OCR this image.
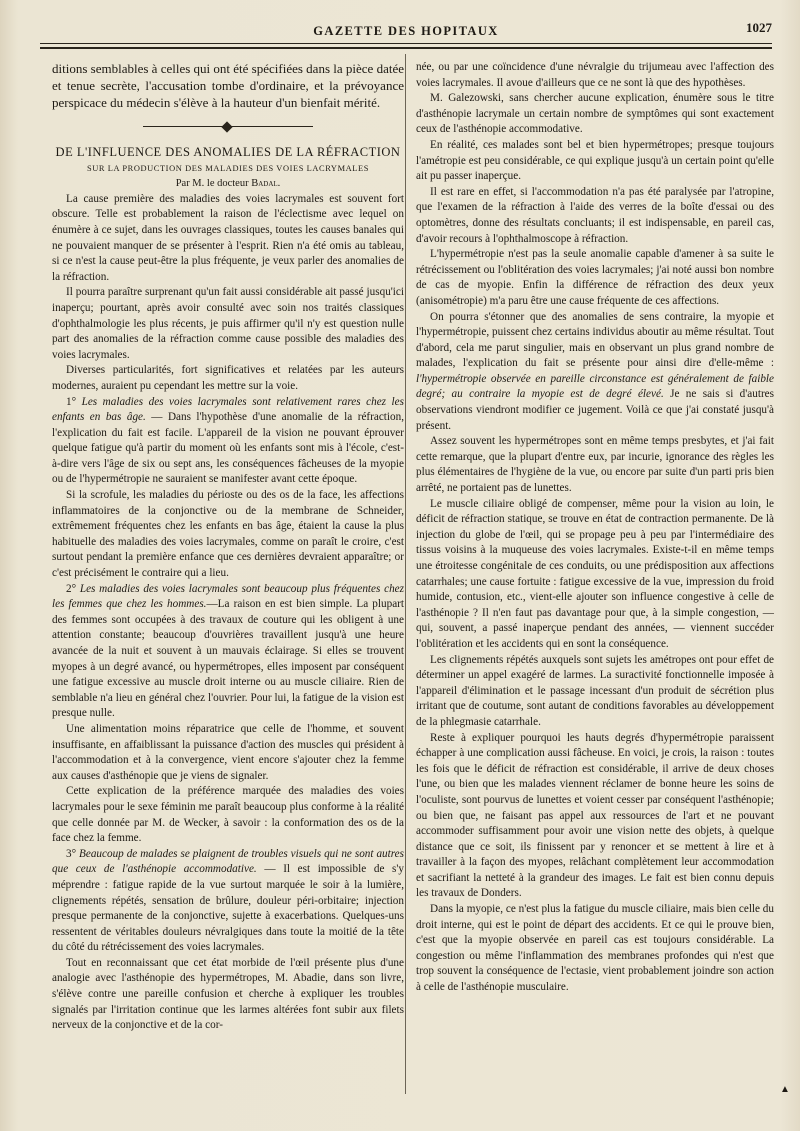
GAZETTE DES HOPITAUX	1027

ditions semblables à celles qui ont été spécifiées dans la pièce datée et tenue secrète, l'accusation tombe d'ordinaire, et la prévoyance perspicace du médecin s'élève à la hauteur d'un bienfait mérité.

DE L'INFLUENCE DES ANOMALIES DE LA RÉFRACTION

SUR LA PRODUCTION DES MALADIES DES VOIES LACRYMALES

Par M. le docteur Badal.

La cause première des maladies des voies lacrymales est souvent fort obscure. Telle est probablement la raison de l'éclectisme avec lequel on énumère à ce sujet, dans les ouvrages classiques, toutes les causes banales qui ne pouvaient manquer de se présenter à l'esprit. Rien n'a été omis au tableau, si ce n'est la cause peut-être la plus fréquente, je veux parler des anomalies de la réfraction.

Il pourra paraître surprenant qu'un fait aussi considérable ait passé jusqu'ici inaperçu; pourtant, après avoir consulté avec soin nos traités classiques d'ophthalmologie les plus récents, je puis affirmer qu'il n'y est question nulle part des anomalies de la réfraction comme cause possible des maladies des voies lacrymales.

Diverses particularités, fort significatives et relatées par les auteurs modernes, auraient pu cependant les mettre sur la voie.

1° Les maladies des voies lacrymales sont relativement rares chez les enfants en bas âge. — Dans l'hypothèse d'une anomalie de la réfraction, l'explication du fait est facile. L'appareil de la vision ne pouvant éprouver quelque fatigue qu'à partir du moment où les enfants sont mis à l'école, c'est-à-dire vers l'âge de six ou sept ans, les conséquences fâcheuses de la myopie ou de l'hypermétropie ne sauraient se manifester avant cette époque.

Si la scrofule, les maladies du périoste ou des os de la face, les affections inflammatoires de la conjonctive ou de la membrane de Schneider, extrêmement fréquentes chez les enfants en bas âge, étaient la cause la plus habituelle des maladies des voies lacrymales, comme on paraît le croire, c'est surtout pendant la première enfance que ces dernières devraient apparaître; or c'est précisément le contraire qui a lieu.

2° Les maladies des voies lacrymales sont beaucoup plus fréquentes chez les femmes que chez les hommes.—La raison en est bien simple. La plupart des femmes sont occupées à des travaux de couture qui les obligent à une attention constante; beaucoup d'ouvrières travaillent jusqu'à une heure avancée de la nuit et souvent à un mauvais éclairage. Si elles se trouvent myopes à un degré avancé, ou hypermétropes, elles imposent par conséquent une fatigue excessive au muscle droit interne ou au muscle ciliaire. Rien de semblable n'a lieu en général chez l'ouvrier. Pour lui, la fatigue de la vision est presque nulle.

Une alimentation moins réparatrice que celle de l'homme, et souvent insuffisante, en affaiblissant la puissance d'action des muscles qui président à l'accommodation et à la convergence, vient encore s'ajouter chez la femme aux causes d'asthénopie que je viens de signaler.

Cette explication de la préférence marquée des maladies des voies lacrymales pour le sexe féminin me paraît beaucoup plus conforme à la réalité que celle donnée par M. de Wecker, à savoir : la conformation des os de la face chez la femme.

3° Beaucoup de malades se plaignent de troubles visuels qui ne sont autres que ceux de l'asthénopie accommodative. — Il est impossible de s'y méprendre : fatigue rapide de la vue surtout marquée le soir à la lumière, clignements répétés, sensation de brûlure, douleur péri-orbitaire; injection presque permanente de la conjonctive, sujette à exacerbations. Quelques-uns ressentent de véritables douleurs névralgiques dans toute la moitié de la tête du côté du rétrécissement des voies lacrymales.

Tout en reconnaissant que cet état morbide de l'œil présente plus d'une analogie avec l'asthénopie des hypermétropes, M. Abadie, dans son livre, s'élève contre une pareille confusion et cherche à expliquer les troubles signalés par l'irritation continue que les larmes altérées font subir aux filets nerveux de la conjonctive et de la cor-

née, ou par une coïncidence d'une névralgie du trijumeau avec l'affection des voies lacrymales. Il avoue d'ailleurs que ce ne sont là que des hypothèses.

M. Galezowski, sans chercher aucune explication, énumère sous le titre d'asthénopie lacrymale un certain nombre de symptômes qui sont exactement ceux de l'asthénopie accommodative.

En réalité, ces malades sont bel et bien hypermétropes; presque toujours l'amétropie est peu considérable, ce qui explique jusqu'à un certain point qu'elle ait pu passer inaperçue.

Il est rare en effet, si l'accommodation n'a pas été paralysée par l'atropine, que l'examen de la réfraction à l'aide des verres de la boîte d'essai ou des optomètres, donne des résultats concluants; il est indispensable, en pareil cas, d'avoir recours à l'ophthalmoscope à réfraction.

L'hypermétropie n'est pas la seule anomalie capable d'amener à sa suite le rétrécissement ou l'oblitération des voies lacrymales; j'ai noté aussi bon nombre de cas de myopie. Enfin la différence de réfraction des deux yeux (anisométropie) m'a paru être une cause fréquente de ces affections.

On pourra s'étonner que des anomalies de sens contraire, la myopie et l'hypermétropie, puissent chez certains individus aboutir au même résultat. Tout d'abord, cela me parut singulier, mais en observant un plus grand nombre de malades, l'explication du fait se présente pour ainsi dire d'elle-même : l'hypermétropie observée en pareille circonstance est généralement de faible degré; au contraire la myopie est de degré élevé. Je ne sais si d'autres observations viendront modifier ce jugement. Voilà ce que j'ai constaté jusqu'à présent.

Assez souvent les hypermétropes sont en même temps presbytes, et j'ai fait cette remarque, que la plupart d'entre eux, par incurie, ignorance des règles les plus élémentaires de l'hygiène de la vue, ou encore par suite d'un parti pris bien arrêté, ne portaient pas de lunettes.

Le muscle ciliaire obligé de compenser, même pour la vision au loin, le déficit de réfraction statique, se trouve en état de contraction permanente. De là injection du globe de l'œil, qui se propage peu à peu par l'intermédiaire des tissus voisins à la muqueuse des voies lacrymales. Existe-t-il en même temps une étroitesse congénitale de ces conduits, ou une prédisposition aux affections catarrhales; une cause fortuite : fatigue excessive de la vue, impression du froid humide, contusion, etc., vient-elle ajouter son influence congestive à celle de l'asthénopie ? Il n'en faut pas davantage pour que, à la simple congestion, — qui, souvent, a passé inaperçue pendant des années, — viennent succéder l'oblitération et les accidents qui en sont la conséquence.

Les clignements répétés auxquels sont sujets les amétropes ont pour effet de déterminer un appel exagéré de larmes. La suractivité fonctionnelle imposée à l'appareil d'élimination et le passage incessant d'un produit de sécrétion plus irritant que de coutume, sont autant de conditions favorables au développement de la phlegmasie catarrhale.

Reste à expliquer pourquoi les hauts degrés d'hypermétropie paraissent échapper à une complication aussi fâcheuse. En voici, je crois, la raison : toutes les fois que le déficit de réfraction est considérable, il arrive de deux choses l'une, ou bien que les malades viennent réclamer de bonne heure les soins de l'oculiste, sont pourvus de lunettes et voient cesser par conséquent l'asthénopie; ou bien que, ne faisant pas appel aux ressources de l'art et ne pouvant accommoder suffisamment pour avoir une vision nette des objets, à quelque distance que ce soit, ils finissent par y renoncer et se mettent à lire et à travailler à la façon des myopes, relâchant complètement leur accommodation et sacrifiant la netteté à la grandeur des images. Le fait est bien connu depuis les travaux de Donders.

Dans la myopie, ce n'est plus la fatigue du muscle ciliaire, mais bien celle du droit interne, qui est le point de départ des accidents. Et ce qui le prouve bien, c'est que la myopie observée en pareil cas est toujours considérable. La congestion ou même l'inflammation des membranes profondes qui n'est que trop souvent la conséquence de l'ectasie, vient probablement joindre son action à celle de l'asthénopie musculaire.

▲
